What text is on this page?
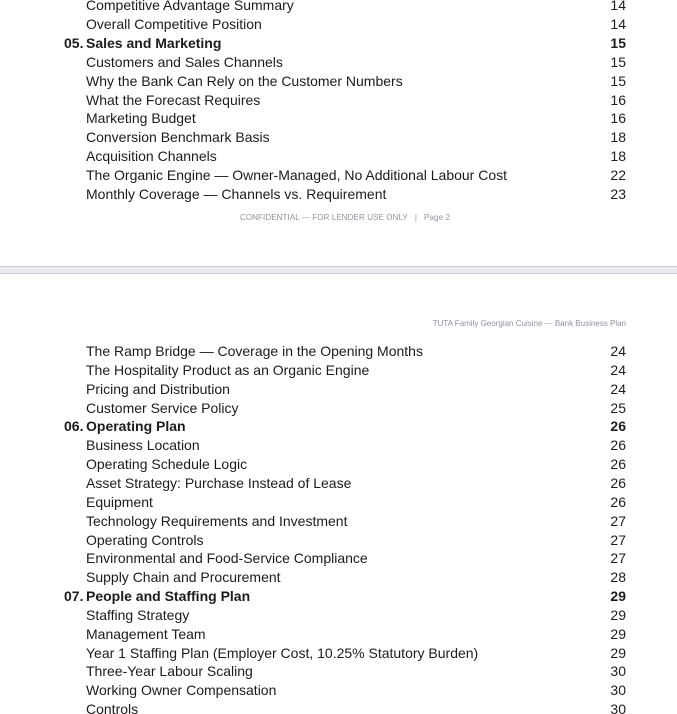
Competitive Advantage Summary	14
Overall Competitive Position	14
05. Sales and Marketing	15
Customers and Sales Channels	15
Why the Bank Can Rely on the Customer Numbers	15
What the Forecast Requires	16
Marketing Budget	16
Conversion Benchmark Basis	18
Acquisition Channels	18
The Organic Engine — Owner-Managed, No Additional Labour Cost	22
Monthly Coverage — Channels vs. Requirement	23
CONFIDENTIAL — FOR LENDER USE ONLY | Page 2
TUTA Family Georgian Cuisine — Bank Business Plan
The Ramp Bridge — Coverage in the Opening Months	24
The Hospitality Product as an Organic Engine	24
Pricing and Distribution	24
Customer Service Policy	25
06. Operating Plan	26
Business Location	26
Operating Schedule Logic	26
Asset Strategy: Purchase Instead of Lease	26
Equipment	26
Technology Requirements and Investment	27
Operating Controls	27
Environmental and Food-Service Compliance	27
Supply Chain and Procurement	28
07. People and Staffing Plan	29
Staffing Strategy	29
Management Team	29
Year 1 Staffing Plan (Employer Cost, 10.25% Statutory Burden)	29
Three-Year Labour Scaling	30
Working Owner Compensation	30
Controls	30
